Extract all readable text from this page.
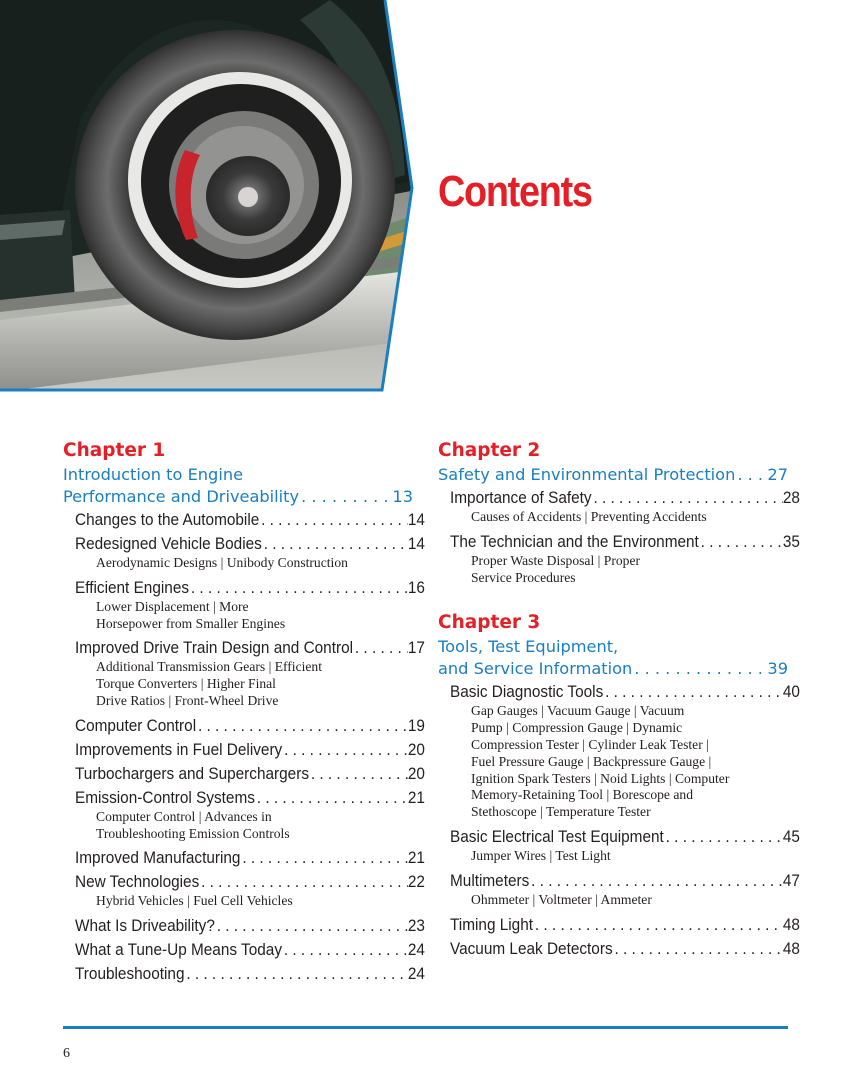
Contents
Chapter 1
Introduction to Engine
Performance and Driveability . . .	13
Changes to the Automobile . . .	14
Redesigned Vehicle Bodies . . .	14
Aerodynamic Designs | Unibody Construction
Efficient Engines . . .	16
Lower Displacement | More
Horsepower from Smaller Engines
Improved Drive Train Design and Control . . .	17
Additional Transmission Gears | Efficient
Torque Converters | Higher Final
Drive Ratios | Front-Wheel Drive
Computer Control . . .	19
Improvements in Fuel Delivery . . .	20
Turbochargers and Superchargers . . .	20
Emission-Control Systems . . .	21
Computer Control | Advances in
Troubleshooting Emission Controls
Improved Manufacturing . . .	21
New Technologies . . .	22
Hybrid Vehicles | Fuel Cell Vehicles
What Is Driveability? . . .	23
What a Tune-Up Means Today . . .	24
Troubleshooting . . .	24
Chapter 2
Safety and Environmental Protection . . . 27
Importance of Safety . . .	28
Causes of Accidents | Preventing Accidents
The Technician and the Environment . . .	35
Proper Waste Disposal | Proper
Service Procedures
Chapter 3
Tools, Test Equipment,
and Service Information . . .	39
Basic Diagnostic Tools . . .	40
Gap Gauges | Vacuum Gauge | Vacuum
Pump | Compression Gauge | Dynamic
Compression Tester | Cylinder Leak Tester |
Fuel Pressure Gauge | Backpressure Gauge |
Ignition Spark Testers | Noid Lights | Computer
Memory-Retaining Tool | Borescope and
Stethoscope | Temperature Tester
Basic Electrical Test Equipment . . .	45
Jumper Wires | Test Light
Multimeters . . .	47
Ohmmeter | Voltmeter | Ammeter
Timing Light . . .	48
Vacuum Leak Detectors . . .	48
6
